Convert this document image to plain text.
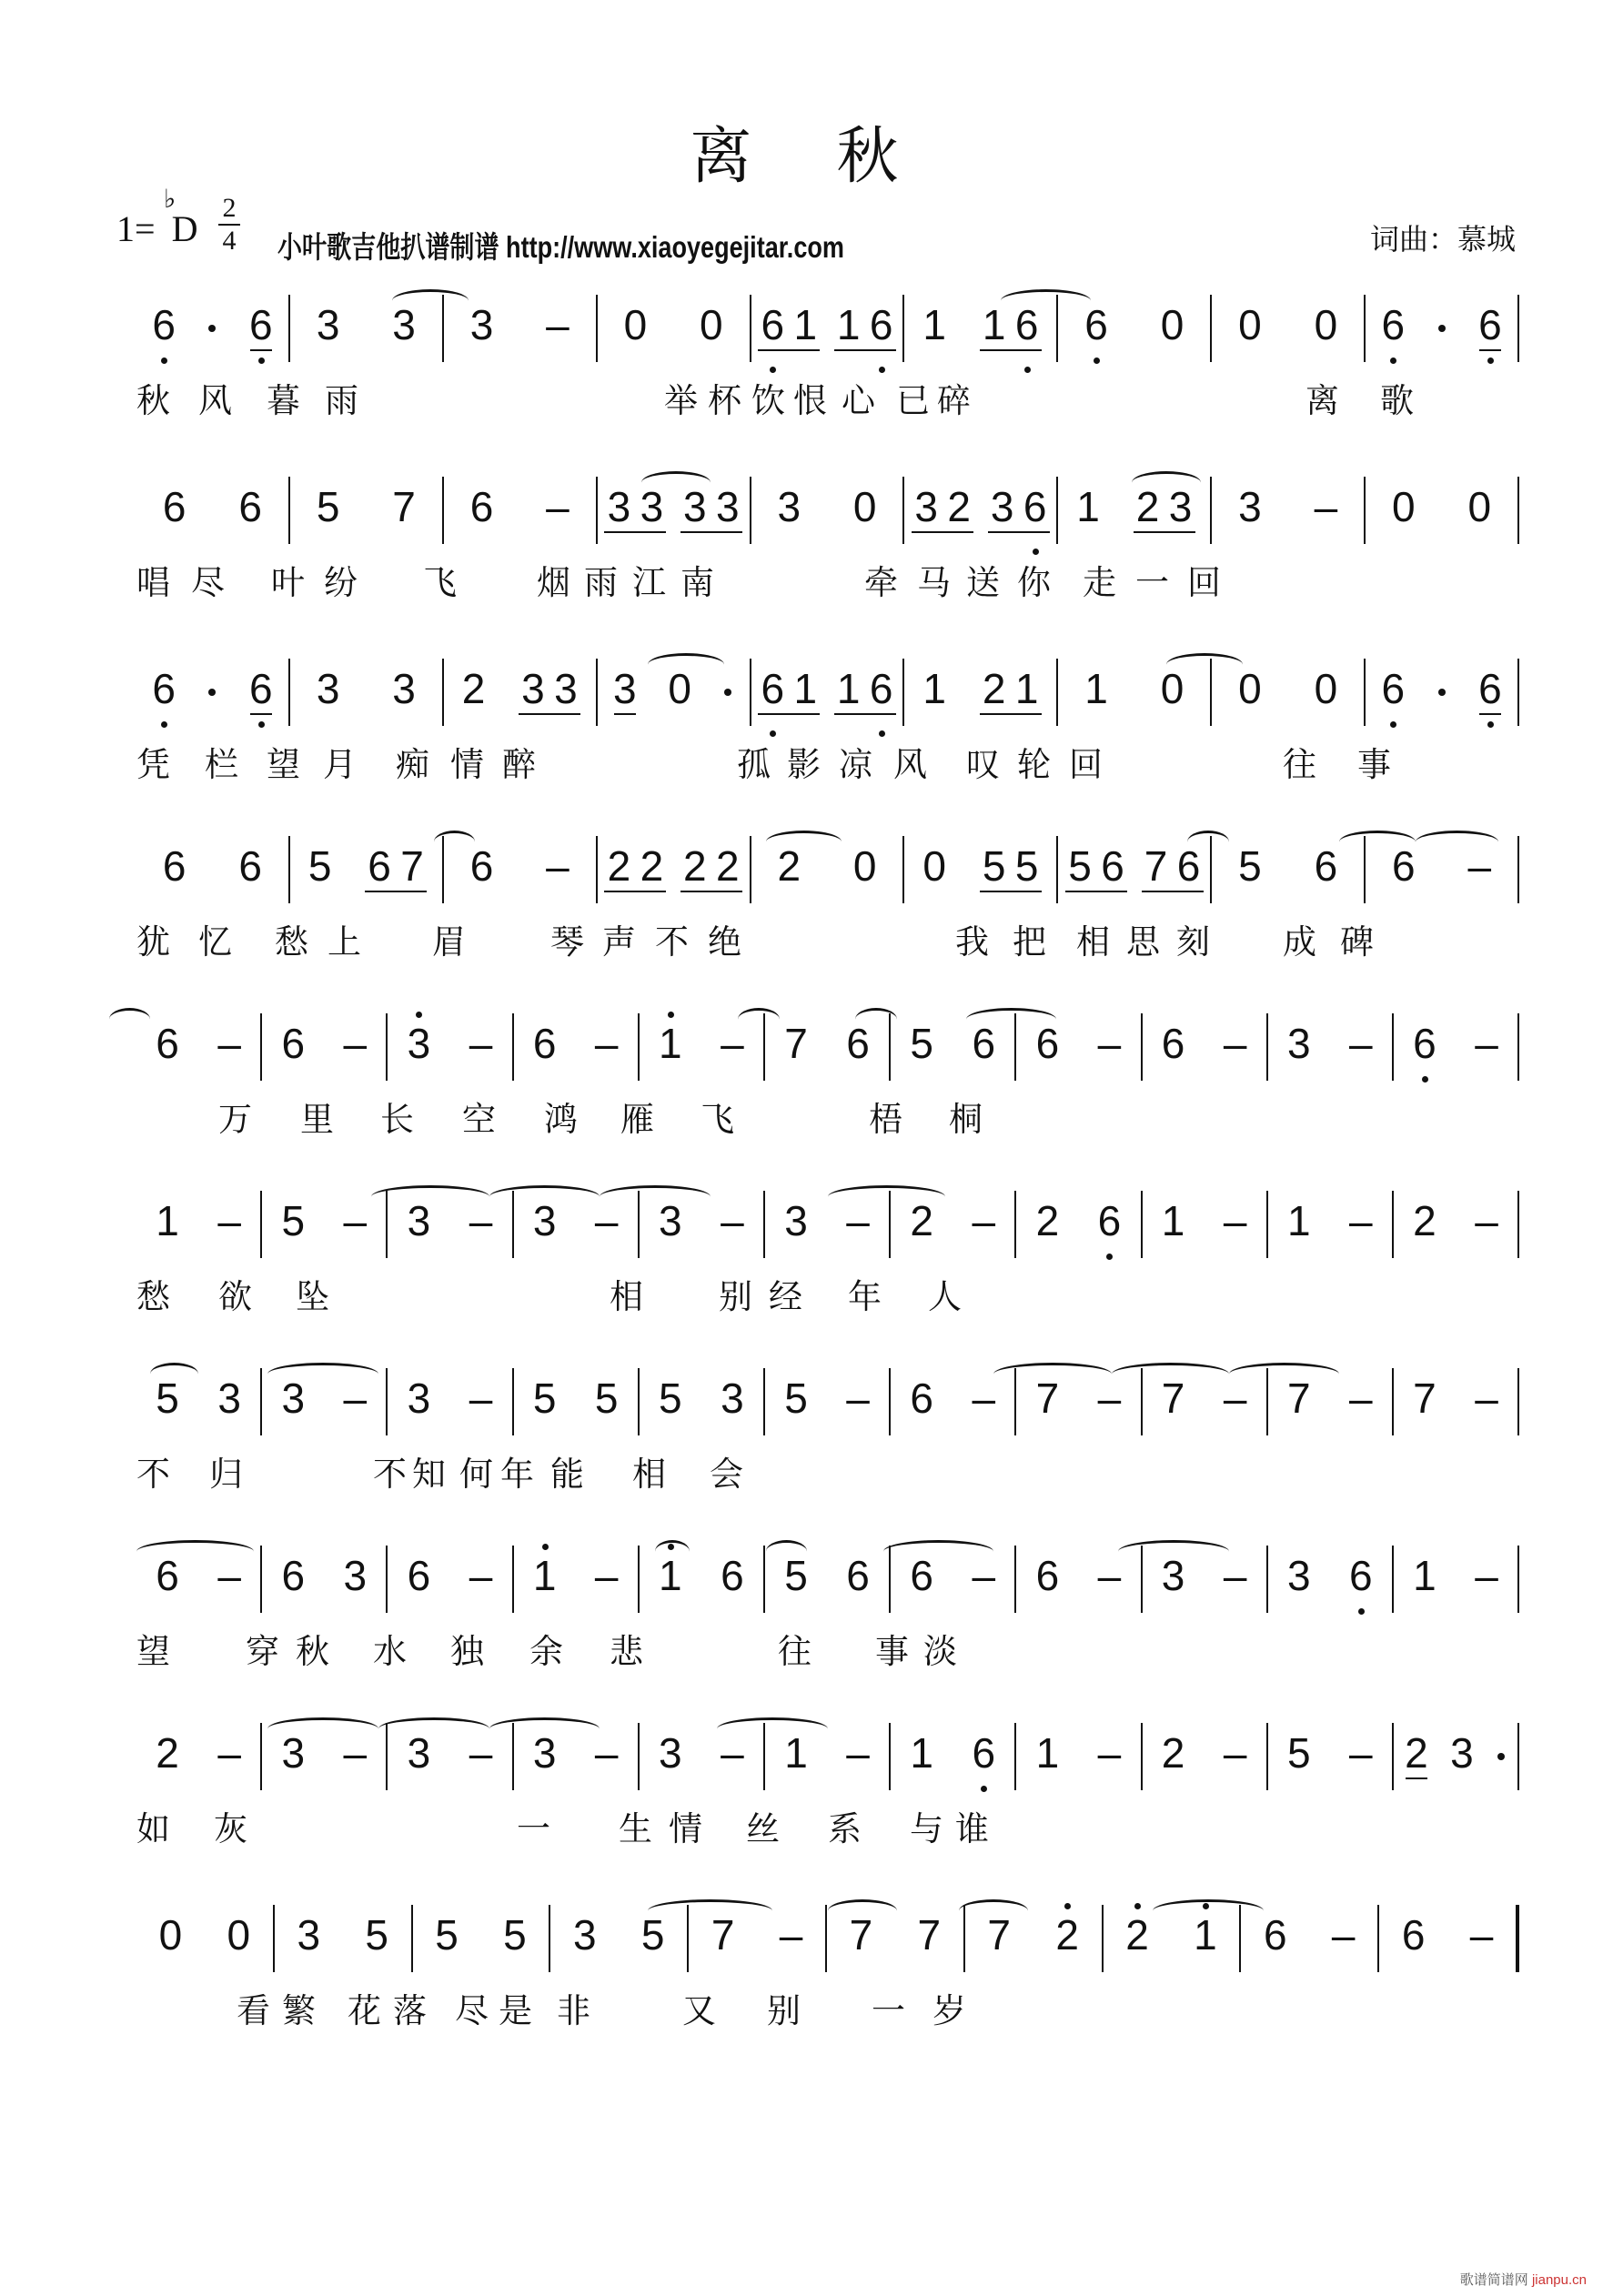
离 秋
1=
♭
D
2
4 小叶歌吉他扒谱制谱 http://www.xiaoyegejitar.com	词曲：慕城
6 6 3 3 3 – 0 0 6 1 1 6 1 1 6 6 0 0 0 6 6
秋 风 暮 雨	举 杯 饮 恨 心 已 碎	离 歌
6 6 5 7 6 – 3 3 3 3 3 0 3 2 3 6 1 2 3 3 – 0 0
唱 尽 叶 纷 飞 烟 雨 江 南	牵 马 送 你 走 一 回
6 6 3 3 2 3 3 3 0 6 1 1 6 1 2 1 1 0 0 0 6 6
凭 栏 望 月 痴 情 醉	孤 影 凉 风 叹 轮 回	往 事
6 6 5 6 7 6 – 2 2 2 2 2 0 0 5 5 5 6 7 6 5 6 6 –
犹 忆 愁 上 眉	琴 声 不 绝	我 把 相 思 刻 成 碑
6 – 6 – 3 – 6 – 1 – 7 6 5 6 6 – 6 – 3 – 6 –
万 里 长 空 鸿 雁 飞	梧 桐
1 – 5 – 3 – 3 – 3 – 3 – 2 – 2 6 1 – 1 – 2 –
愁 欲 坠	相 别 经 年 人
5 3 3 – 3 – 5 5 5 3 5 – 6 – 7 – 7 – 7 – 7 –
不 归	不 知 何 年 能 相 会
6 – 6 3 6 – 1 – 1 6 5 6 6 – 6 – 3 – 3 6 1 –
望 穿 秋 水 独 余 悲	往 事 淡
2 – 3 – 3 – 3 – 3 – 1 – 1 6 1 – 2 – 5 – 2 3
如 灰	一 生 情 丝 系 与 谁
0 0 3 5 5 5 3 5 7 – 7 7 7 2 2 1 6 – 6 –
看 繁 花 落 尽 是 非	又 别 一 岁
歌谱简谱网 jianpu.cn
